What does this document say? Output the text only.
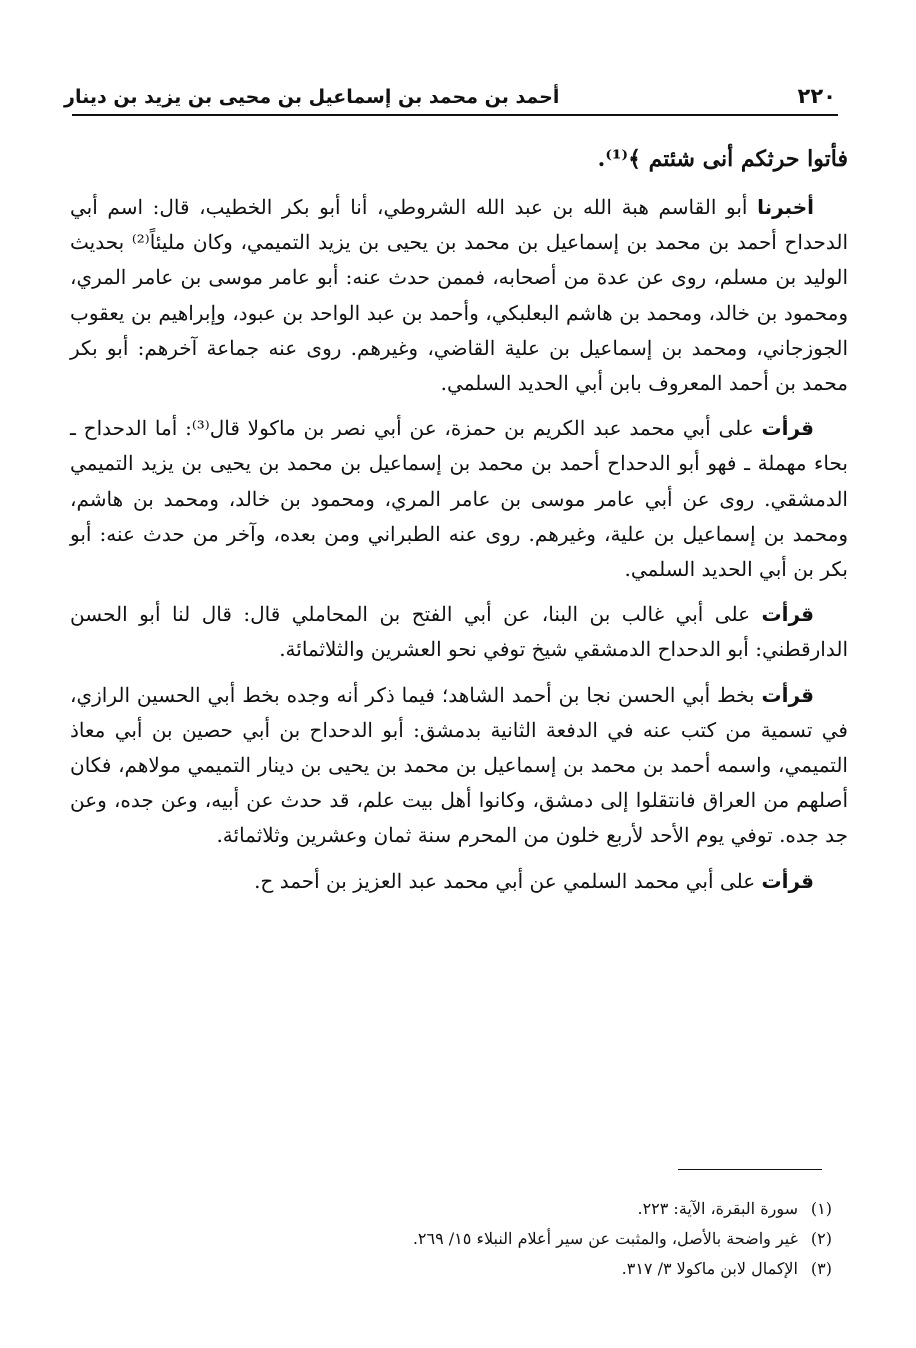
٢٢٠
أحمد بن محمد بن إسماعيل بن محيى بن يزيد بن دينار

فأتوا حرثكم أنى شئتم ﴾⁽¹⁾.

أخبرنا أبو القاسم هبة الله بن عبد الله الشروطي، أنا أبو بكر الخطيب، قال: اسم أبي الدحداح أحمد بن محمد بن إسماعيل بن محمد بن يحيى بن يزيد التميمي، وكان مليئاً⁽²⁾ بحديث الوليد بن مسلم، روى عن عدة من أصحابه، فممن حدث عنه: أبو عامر موسى بن عامر المري، ومحمود بن خالد، ومحمد بن هاشم البعلبكي، وأحمد بن عبد الواحد بن عبود، وإبراهيم بن يعقوب الجوزجاني، ومحمد بن إسماعيل بن علية القاضي، وغيرهم. روى عنه جماعة آخرهم: أبو بكر محمد بن أحمد المعروف بابن أبي الحديد السلمي.

قرأت على أبي محمد عبد الكريم بن حمزة، عن أبي نصر بن ماكولا قال⁽³⁾: أما الدحداح ـ بحاء مهملة ـ فهو أبو الدحداح أحمد بن محمد بن إسماعيل بن محمد بن يحيى بن يزيد التميمي الدمشقي. روى عن أبي عامر موسى بن عامر المري، ومحمود بن خالد، ومحمد بن هاشم، ومحمد بن إسماعيل بن علية، وغيرهم. روى عنه الطبراني ومن بعده، وآخر من حدث عنه: أبو بكر بن أبي الحديد السلمي.

قرأت على أبي غالب بن البنا، عن أبي الفتح بن المحاملي قال: قال لنا أبو الحسن الدارقطني: أبو الدحداح الدمشقي شيخ توفي نحو العشرين والثلاثمائة.

قرأت بخط أبي الحسن نجا بن أحمد الشاهد؛ فيما ذكر أنه وجده بخط أبي الحسين الرازي، في تسمية من كتب عنه في الدفعة الثانية بدمشق: أبو الدحداح بن أبي حصين بن أبي معاذ التميمي، واسمه أحمد بن محمد بن إسماعيل بن محمد بن يحيى بن دينار التميمي مولاهم، فكان أصلهم من العراق فانتقلوا إلى دمشق، وكانوا أهل بيت علم، قد حدث عن أبيه، وعن جده، وعن جد جده. توفي يوم الأحد لأربع خلون من المحرم سنة ثمان وعشرين وثلاثمائة.

قرأت على أبي محمد السلمي عن أبي محمد عبد العزيز بن أحمد ح.

(١)سورة البقرة، الآية: ٢٢٣.
(٢)غير واضحة بالأصل، والمثبت عن سير أعلام النبلاء ١٥/ ٢٦٩.
(٣)الإكمال لابن ماكولا ٣/ ٣١٧.
